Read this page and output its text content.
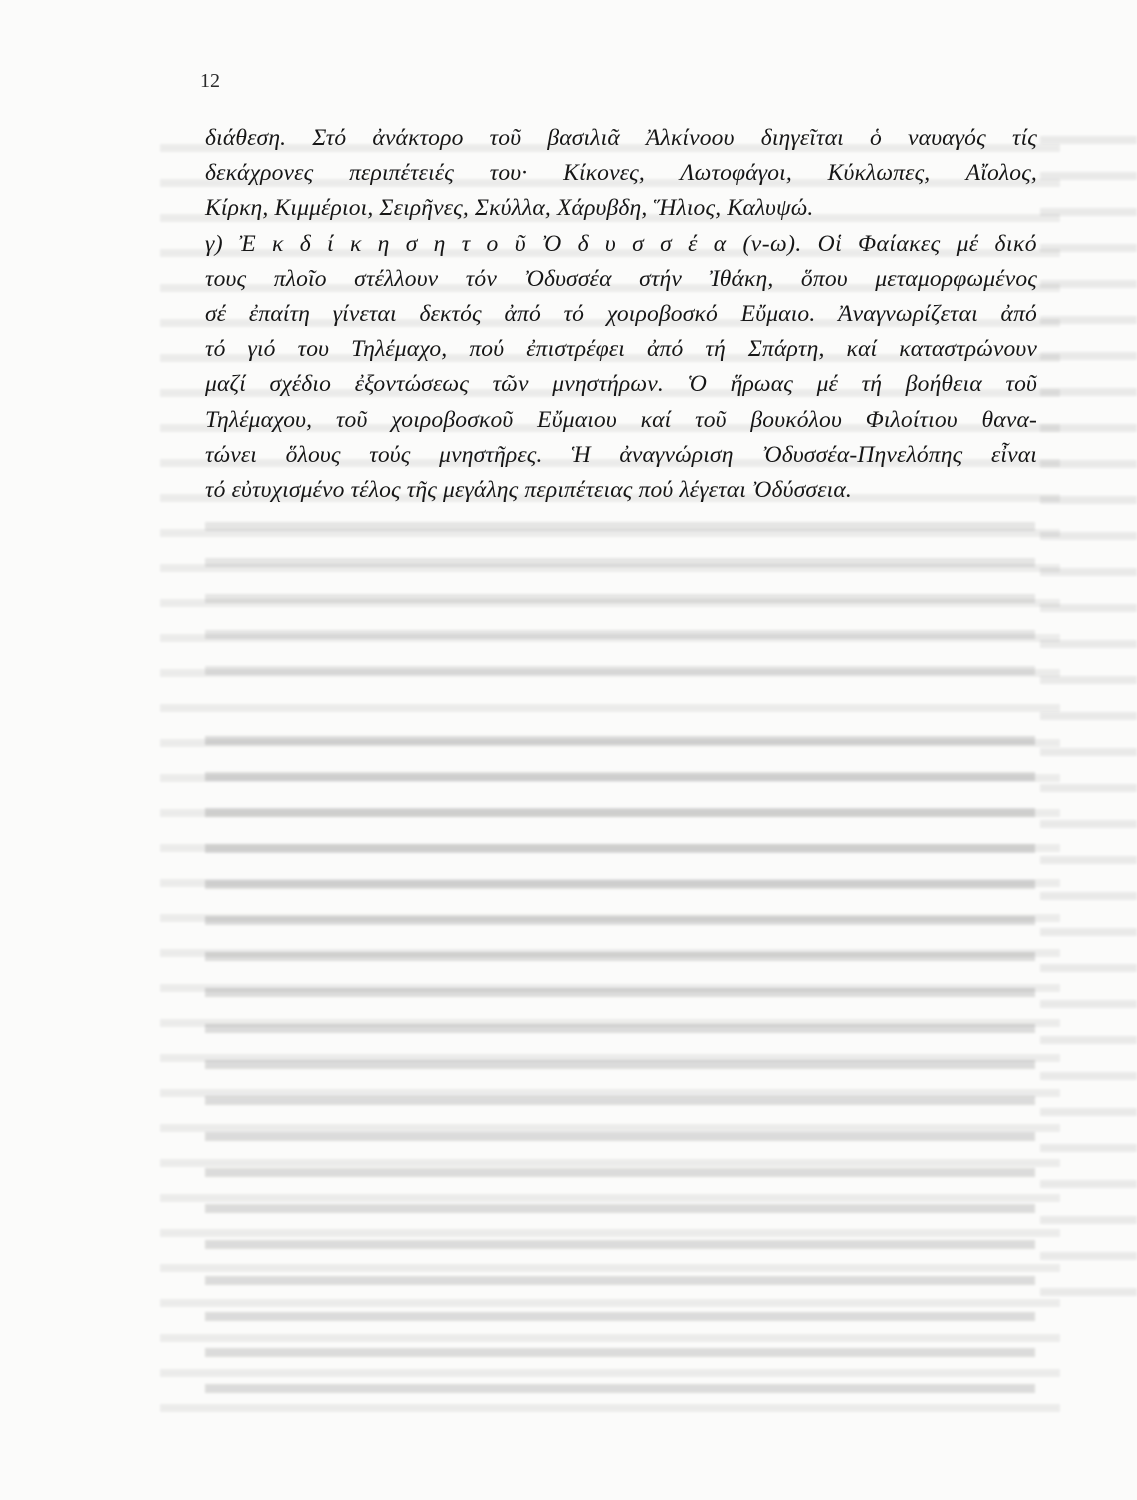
12
διάθεση. Στό ἀνάκτορο τοῦ βασιλιᾶ Ἀλκίνοου διηγεῖται ὁ ναυαγός τίς
δεκάχρονες περιπέτειές του· Κίκονες, Λωτοφάγοι, Κύκλωπες, Αἴολος,
Κίρκη, Κιμμέριοι, Σειρῆνες, Σκύλλα, Χάρυβδη, Ἥλιος, Καλυψώ.
γ) Ἐ κ δ ί κ η σ η τ ο ῦ Ὀ δ υ σ σ έ α (ν-ω). Οἱ Φαίακες μέ δικό
τους πλοῖο στέλλουν τόν Ὀδυσσέα στήν Ἰθάκη, ὅπου μεταμορφωμένος
σέ ἐπαίτη γίνεται δεκτός ἀπό τό χοιροβοσκό Εὔμαιο. Ἀναγνωρίζεται ἀπό
τό γιό του Τηλέμαχο, πού ἐπιστρέφει ἀπό τή Σπάρτη, καί καταστρώνουν
μαζί σχέδιο ἐξοντώσεως τῶν μνηστήρων. Ὁ ἥρωας μέ τή βοήθεια τοῦ
Τηλέμαχου, τοῦ χοιροβοσκοῦ Εὔμαιου καί τοῦ βουκόλου Φιλοίτιου θανα-
τώνει ὅλους τούς μνηστῆρες. Ἡ ἀναγνώριση Ὀδυσσέα-Πηνελόπης εἶναι
τό εὐτυχισμένο τέλος τῆς μεγάλης περιπέτειας πού λέγεται Ὀδύσσεια.
